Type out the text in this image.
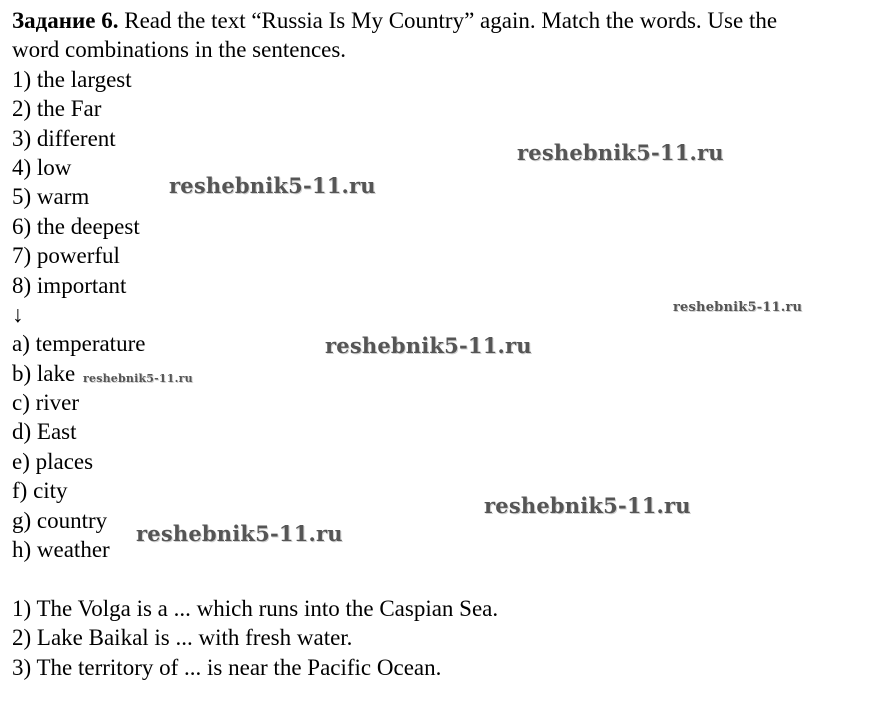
Задание 6. Read the text “Russia Is My Country” again. Match the words. Use the
word combinations in the sentences.
1) the largest
2) the Far
3) different
4) low
5) warm
6) the deepest
7) powerful
8) important
↓
a) temperature
b) lake
c) river
d) East
e) places
f) city
g) country
h) weather
1) The Volga is a ... which runs into the Caspian Sea.
2) Lake Baikal is ... with fresh water.
3) The territory of ... is near the Pacific Ocean.
reshebnik5-11.ru
reshebnik5-11.ru
reshebnik5-11.ru
reshebnik5-11.ru
reshebnik5-11.ru
reshebnik5-11.ru
reshebnik5-11.ru
